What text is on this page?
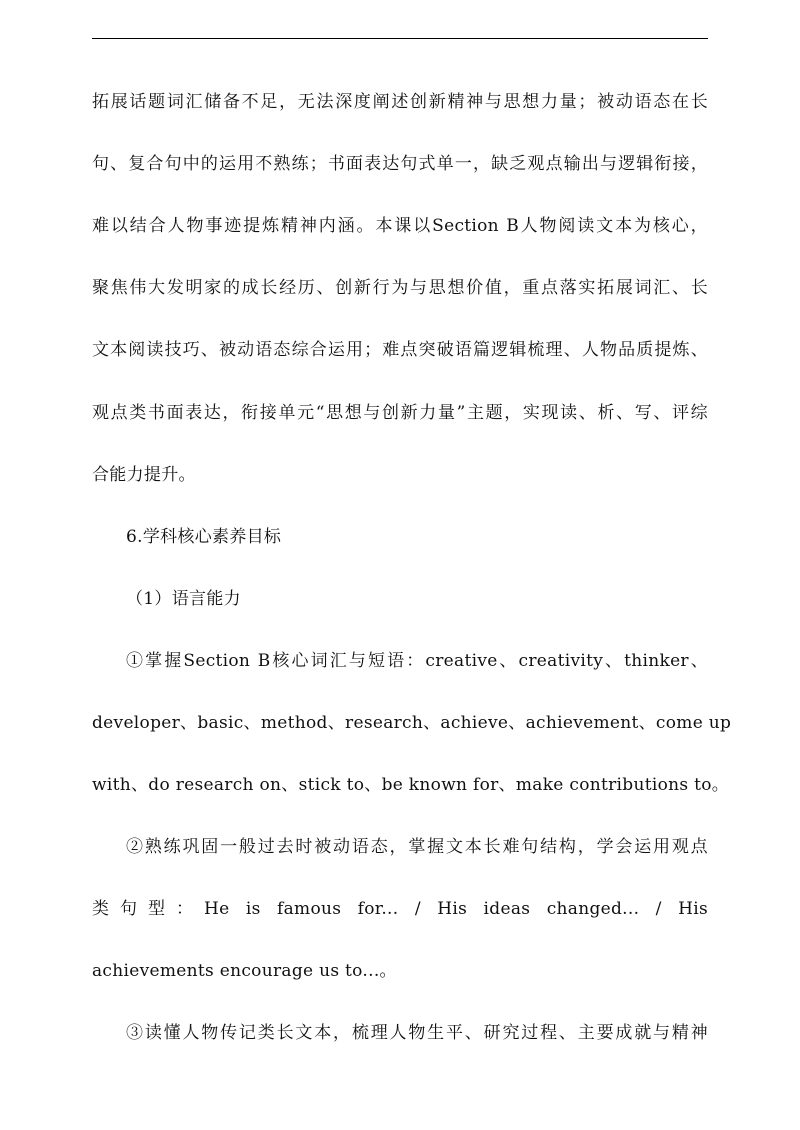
拓展话题词汇储备不足，无法深度阐述创新精神与思想力量；被动语态在长
句、复合句中的运用不熟练；书面表达句式单一，缺乏观点输出与逻辑衔接，
难以结合人物事迹提炼精神内涵。本课以Section B人物阅读文本为核心，
聚焦伟大发明家的成长经历、创新行为与思想价值，重点落实拓展词汇、长
文本阅读技巧、被动语态综合运用；难点突破语篇逻辑梳理、人物品质提炼、
观点类书面表达，衔接单元“思想与创新力量”主题，实现读、析、写、评综
合能力提升。
6.学科核心素养目标
（1）语言能力
①掌握Section B核心词汇与短语：creative、creativity、thinker、
developer、basic、method、research、achieve、achievement、come up
with、do research on、stick to、be known for、make contributions to。
②熟练巩固一般过去时被动语态，掌握文本长难句结构，学会运用观点
类句型：He is famous for... / His ideas changed... / His
achievements encourage us to...。
③读懂人物传记类长文本，梳理人物生平、研究过程、主要成就与精神
